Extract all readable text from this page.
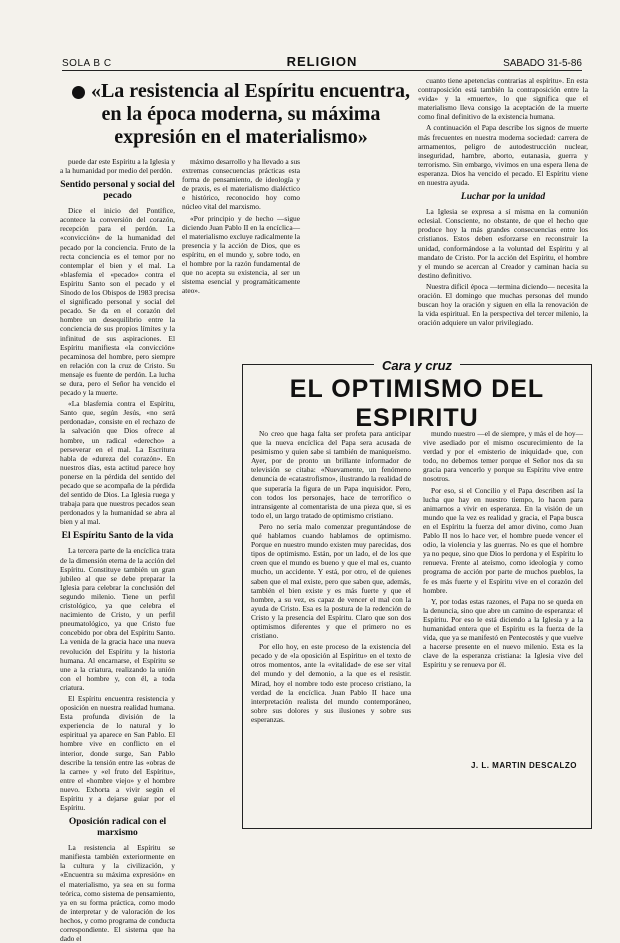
SOLA B C	RELIGION	SABADO 31-5-86
«La resistencia al Espíritu encuentra, en la época moderna, su máxima expresión en el materialismo»

puede dar este Espíritu a la Iglesia y a la humanidad por medio del perdón.

Sentido personal y social del pecado

Dice el inicio del Pontífice, acontece la conversión del corazón, recepción para el perdón. La «convicción» de la humanidad del pecado por la conciencia. Fruto de la recta conciencia es el temor por no contemplar el bien y el mal. La «blasfemia el «pecado» contra el Espíritu Santo son el pecado y el Sínodo de los Obispos de 1983 precisa el significado personal y social del pecado. Se da en el corazón del hombre un desequilibrio entre la conciencia de sus propios límites y la infinitud de sus aspiraciones. El Espíritu manifiesta «la convicción» pecaminosa del hombre, pero siempre en relación con la cruz de Cristo. Su mensaje es fuente de perdón. La lucha se dura, pero el Señor ha vencido el pecado y la muerte.

«La blasfemia contra el Espíritu, Santo que, según Jesús, «no será perdonada», consiste en el rechazo de la salvación que Dios ofrece al hombre, un radical «derecho» a perseverar en el mal. La Escritura habla de «dureza del corazón». En nuestros días, esta actitud parece hoy ponerse en la pérdida del sentido del pecado que se acompaña de la pérdida del sentido de Dios. La Iglesia ruega y trabaja para que nuestros pecados sean perdonados y la humanidad se abra al bien y al mal.

El Espíritu Santo de la vida

La tercera parte de la encíclica trata de la dimensión eterna de la acción del Espíritu. Constituye también un gran jubileo al que se debe preparar la Iglesia para celebrar la conclusión del segundo milenio. Tiene un perfil cristológico, ya que celebra el nacimiento de Cristo, y un perfil pneumatológico, ya que Cristo fue concebido por obra del Espíritu Santo. La venida de la gracia hace una nueva revolución del Espíritu y la historia humana. Al encarnarse, el Espíritu se une a la criatura, realizando la unión con el hombre y, con él, a toda criatura.

El Espíritu encuentra resistencia y oposición en nuestra realidad humana. Esta profunda división de la experiencia de lo natural y lo espiritual ya aparece en San Pablo. El hombre vive en conflicto en el interior, donde surge, San Pablo describe la tensión entre las «obras de la carne» y «el fruto del Espíritu», entre el «hombre viejo» y el hombre nuevo. Exhorta a vivir según el Espíritu y a dejarse guiar por el Espíritu.

Oposición radical con el marxismo

La resistencia al Espíritu se manifiesta también exteriormente en la cultura y la civilización, y «Encuentra su máxima expresión» en el materialismo, ya sea en su forma teórica, como sistema de pensamiento, ya en su forma práctica, como modo de interpretar y de valoración de los hechos, y como programa de conducta correspondiente. El sistema que ha dado el

máximo desarrollo y ha llevado a sus extremas consecuencias prácticas esta forma de pensamiento, de ideología y de praxis, es el materialismo dialéctico e histórico, reconocido hoy como núcleo vital del marxismo.

«Por principio y de hecho —sigue diciendo Juan Pablo II en la encíclica— el materialismo excluye radicalmente la presencia y la acción de Dios, que es espíritu, en el mundo y, sobre todo, en el hombre por la razón fundamental de que no acepta su existencia, al ser un sistema esencial y programáticamente ateo».

cuanto tiene apetencias contrarias al espíritu». En esta contraposición está también la contraposición entre la «vida» y la «muerte», lo que significa que el materialismo lleva consigo la aceptación de la muerte como final definitivo de la existencia humana.

A continuación el Papa describe los signos de muerte más frecuentes en nuestra moderna sociedad: carrera de armamentos, peligro de autodestrucción nuclear, inseguridad, hambre, aborto, eutanasia, guerra y terrorismo. Sin embargo, vivimos en una espera llena de esperanza. Dios ha vencido el pecado. El Espíritu viene en nuestra ayuda.

Luchar por la unidad

La Iglesia se expresa a sí misma en la comunión eclesial. Consciente, no obstante, de que el hecho que produce hoy la más grandes consecuencias entre los cristianos. Estos deben esforzarse en reconstruir la unidad, conformándose a la voluntad del Espíritu y al mandato de Cristo. Por la acción del Espíritu, el hombre y el mundo se acercan al Creador y caminan hacia su destino definitivo.

Nuestra difícil época —termina diciendo— necesita la oración. El domingo que muchas personas del mundo buscan hoy la oración y siguen en ella la renovación de la vida espiritual. En la perspectiva del tercer milenio, la oración adquiere un valor privilegiado.

Cara y cruz
EL OPTIMISMO DEL ESPIRITU

No creo que haga falta ser profeta para anticipar que la nueva encíclica del Papa sera acusada de pesimismo y quien sabe si también de maniqueísmo. Ayer, por de pronto un brillante informador de televisión se citaba: «Nuevamente, un fenómeno denuncia de «catastrofismo», ilustrando la realidad de que superaría la figura de un Papa inquisidor. Pero, con todos los personajes, hace de terrorífico o intransigente al comentarista de una pieza que, si es todo el, un largo tratado de optimismo cristiano.

Pero no sería malo comenzar preguntándose de qué hablamos cuando hablamos de optimismo. Porque en nuestro mundo existen muy parecidas, dos tipos de optimismo. Están, por un lado, el de los que creen que el mundo es bueno y que el mal es, cuanto mucho, un accidente. Y está, por otro, el de quienes saben que el mal existe, pero que saben que, además, también el bien existe y es más fuerte y que el hombre, a su vez, es capaz de vencer el mal con la ayuda de Cristo. Esa es la postura de la redención de Cristo y la presencia del Espíritu. Claro que son dos optimismos diferentes y que el primero no es cristiano.

Por ello hoy, en este proceso de la existencia del pecado y de «la oposición al Espíritu» en el texto de otros momentos, ante la «vitalidad» de ese ser vital del mundo y del demonio, a la que es el resistir. Mirad, hoy el nombre todo este proceso cristiano, la verdad de la encíclica. Juan Pablo II hace una interpretación realista del mundo contemporáneo, sobre sus dolores y sus ilusiones y sobre sus esperanzas.

mundo nuestro —el de siempre, y más el de hoy— vive asediado por el mismo oscurecimiento de la verdad y por el «misterio de iniquidad» que, con todo, no debemos temer porque el Señor nos da su gracia para vencerlo y porque su Espíritu vive entre nosotros.

Por eso, si el Concilio y el Papa describen así la lucha que hay en nuestro tiempo, lo hacen para animarnos a vivir en esperanza. En la visión de un mundo que la vez es realidad y gracia, el Papa busca en el Espíritu la fuerza del amor divino, como Juan Pablo II nos lo hace ver, el hombre puede vencer el odio, la violencia y las guerras. No es que el hombre ya no peque, sino que Dios lo perdona y el Espíritu lo renueva. Frente al ateísmo, como ideología y como programa de acción por parte de muchos pueblos, la fe es más fuerte y el Espíritu vive en el corazón del hombre.

Y, por todas estas razones, el Papa no se queda en la denuncia, sino que abre un camino de esperanza: el Espíritu. Por eso le está diciendo a la Iglesia y a la humanidad entera que el Espíritu es la fuerza de la vida, que ya se manifestó en Pentecostés y que vuelve a hacerse presente en el nuevo milenio. Esta es la clave de la esperanza cristiana: la Iglesia vive del Espíritu y se renueva por él.

J. L. MARTIN DESCALZO
